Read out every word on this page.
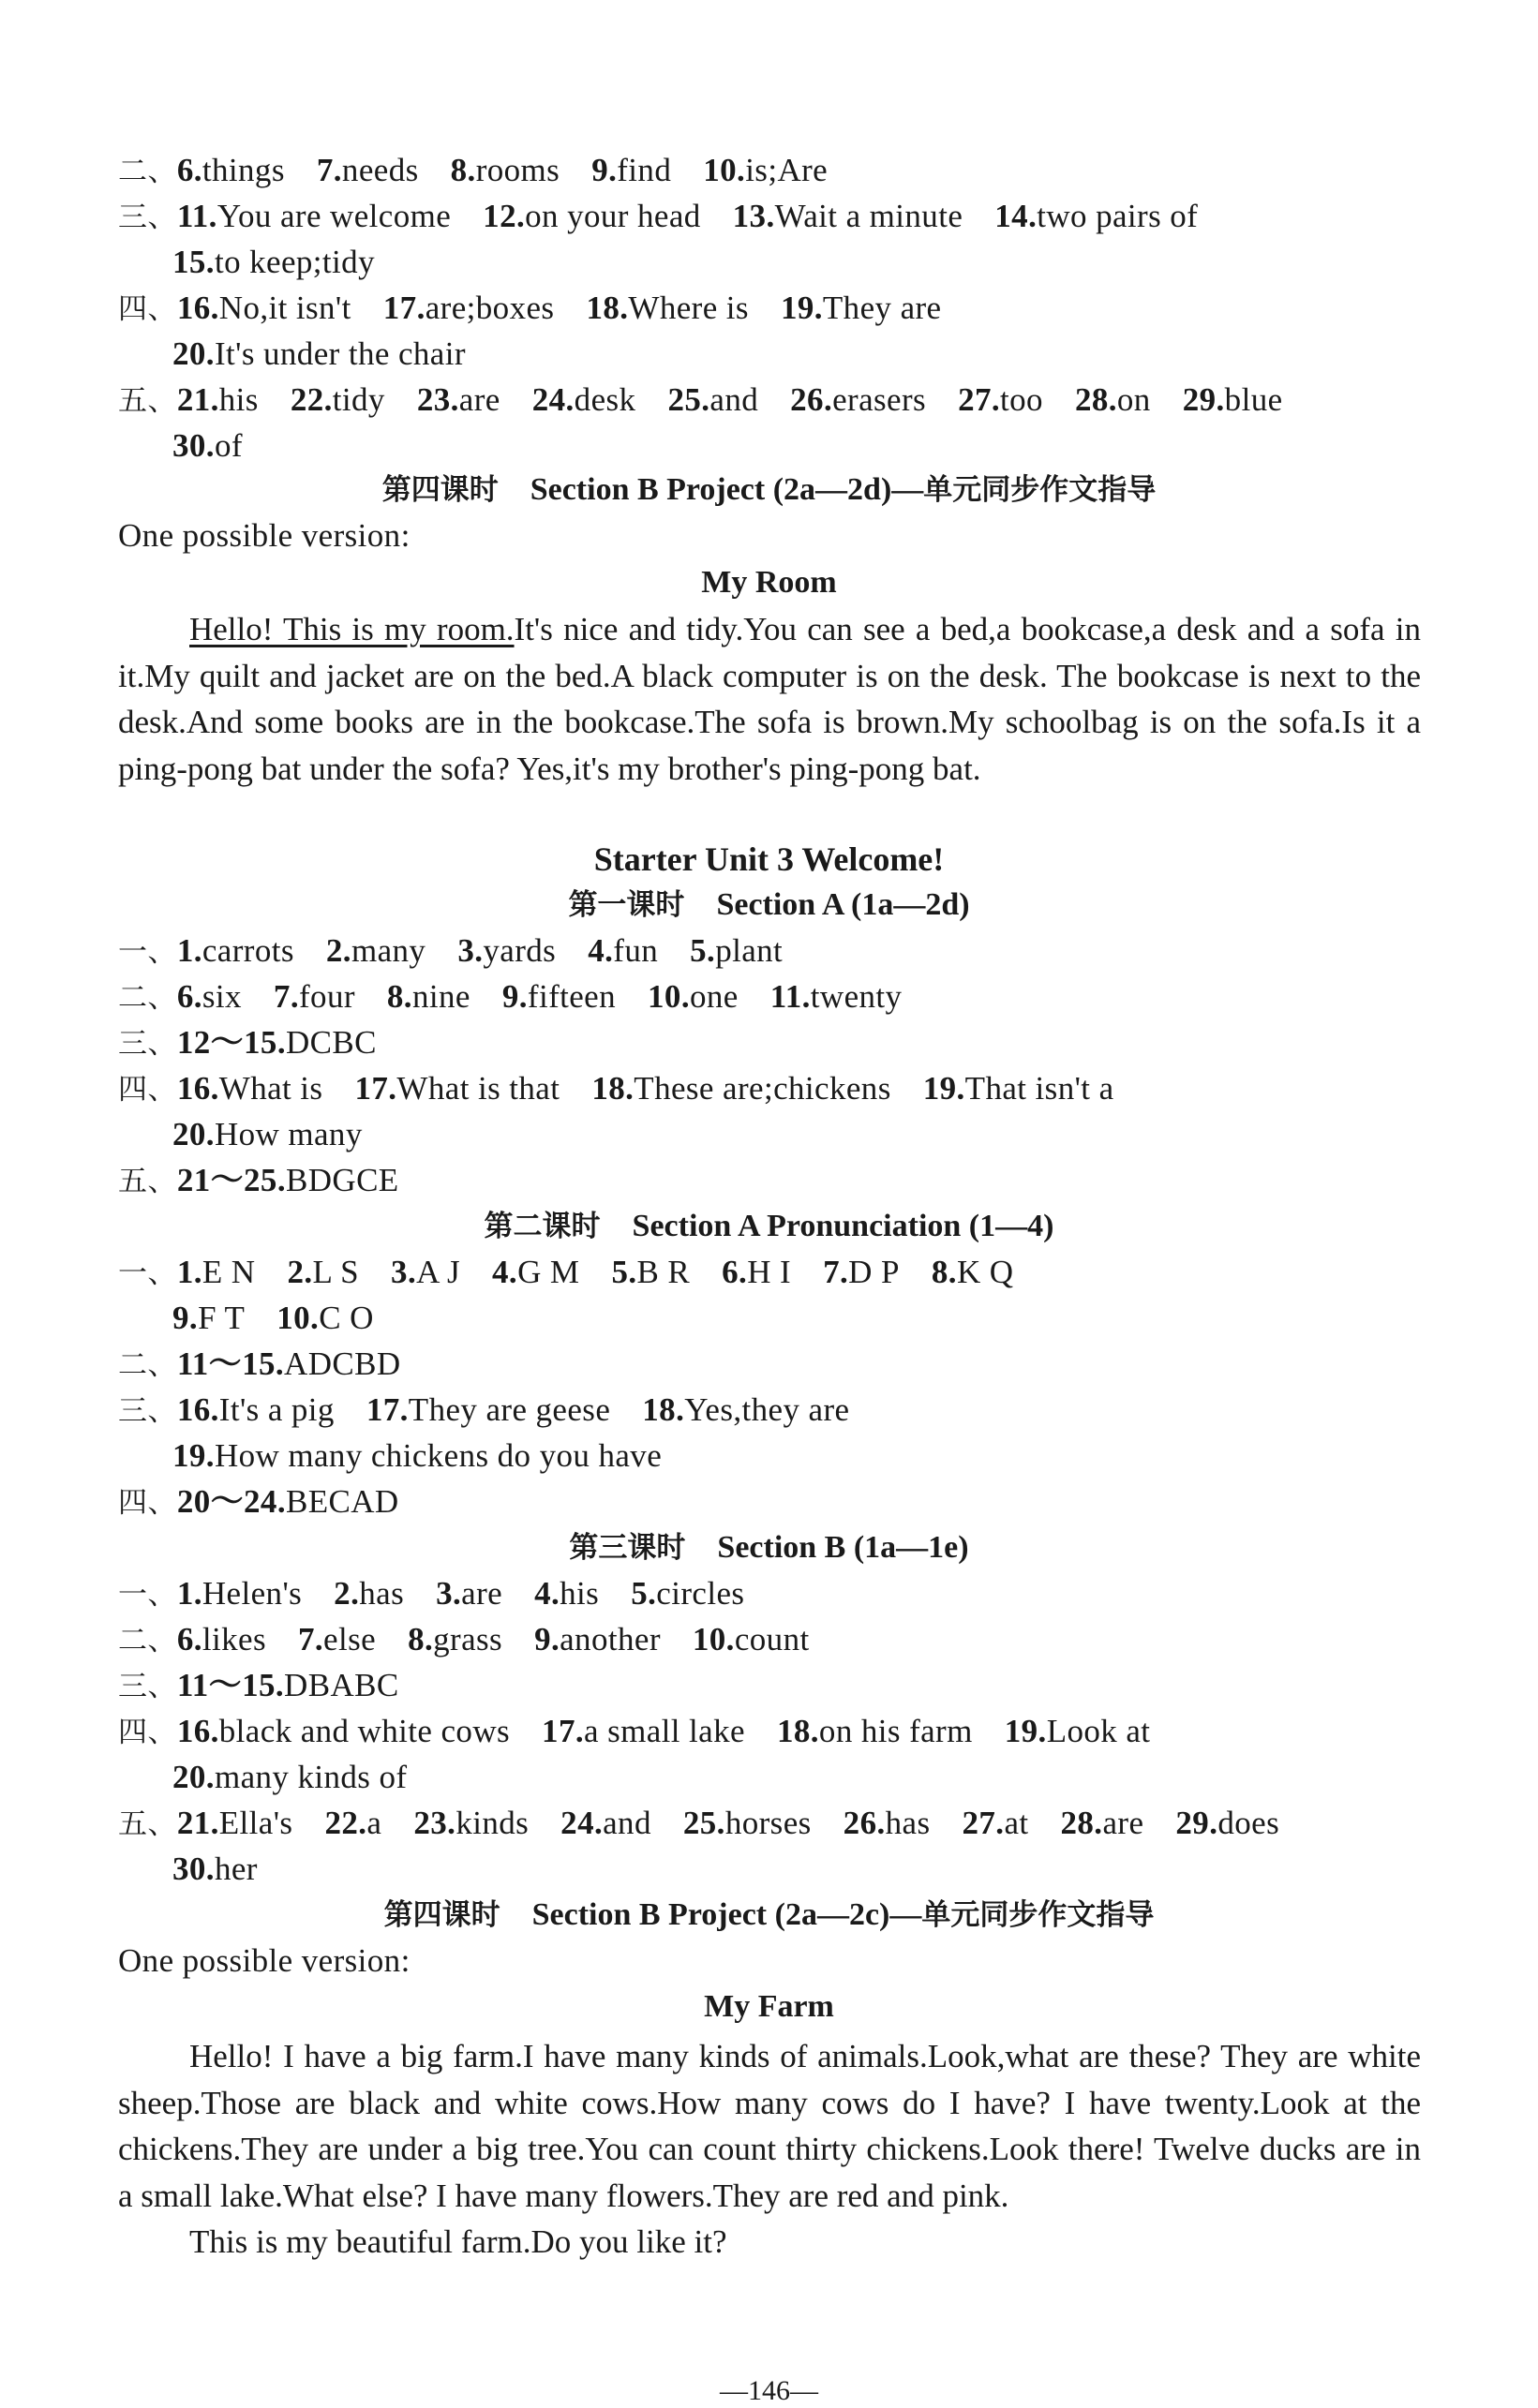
二、6.things 7.needs 8.rooms 9.find 10.is;Are
三、11.You are welcome 12.on your head 13.Wait a minute 14.two pairs of
15.to keep;tidy
四、16.No,it isn't 17.are;boxes 18.Where is 19.They are
20.It's under the chair
五、21.his 22.tidy 23.are 24.desk 25.and 26.erasers 27.too 28.on 29.blue
30.of
第四课时 Section B Project (2a—2d)—单元同步作文指导
One possible version:
My Room

Hello! This is my room.It's nice and tidy.You can see a bed,a bookcase,a desk and a sofa in it.My quilt and jacket are on the bed.A black computer is on the desk. The bookcase is next to the desk.And some books are in the bookcase.The sofa is brown.My schoolbag is on the sofa.Is it a ping-pong bat under the sofa? Yes,it's my brother's ping-pong bat.

Starter Unit 3 Welcome!
第一课时 Section A (1a—2d)
一、1.carrots 2.many 3.yards 4.fun 5.plant
二、6.six 7.four 8.nine 9.fifteen 10.one 11.twenty
三、12～15.DCBC
四、16.What is 17.What is that 18.These are;chickens 19.That isn't a
20.How many
五、21～25.BDGCE
第二课时 Section A Pronunciation (1—4)
一、1.E N 2.L S 3.A J 4.G M 5.B R 6.H I 7.D P 8.K Q
9.F T 10.C O
二、11～15.ADCBD
三、16.It's a pig 17.They are geese 18.Yes,they are
19.How many chickens do you have
四、20～24.BECAD
第三课时 Section B (1a—1e)
一、1.Helen's 2.has 3.are 4.his 5.circles
二、6.likes 7.else 8.grass 9.another 10.count
三、11～15.DBABC
四、16.black and white cows 17.a small lake 18.on his farm 19.Look at
20.many kinds of
五、21.Ella's 22.a 23.kinds 24.and 25.horses 26.has 27.at 28.are 29.does
30.her
第四课时 Section B Project (2a—2c)—单元同步作文指导
One possible version:
My Farm

Hello! I have a big farm.I have many kinds of animals.Look,what are these? They are white sheep.Those are black and white cows.How many cows do I have? I have twenty.Look at the chickens.They are under a big tree.You can count thirty chickens.Look there! Twelve ducks are in a small lake.What else? I have many flowers.They are red and pink.

This is my beautiful farm.Do you like it?

—146—
